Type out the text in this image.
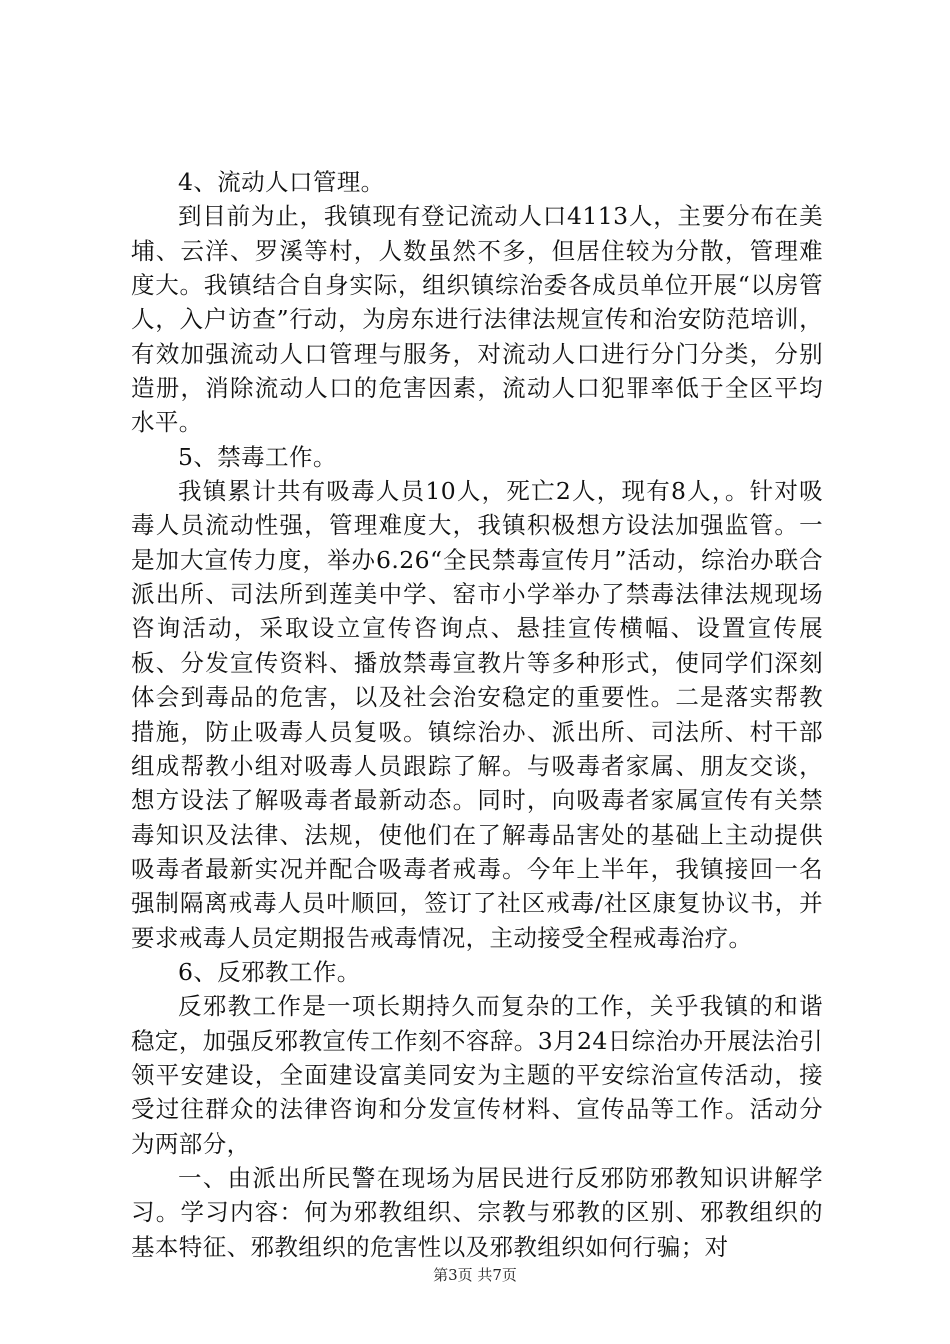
4、流动人口管理。

到目前为止，我镇现有登记流动人口4113人，主要分布在美埔、云洋、罗溪等村，人数虽然不多，但居住较为分散，管理难度大。我镇结合自身实际，组织镇综治委各成员单位开展“以房管人，入户访查”行动，为房东进行法律法规宣传和治安防范培训，有效加强流动人口管理与服务，对流动人口进行分门分类，分别造册，消除流动人口的危害因素，流动人口犯罪率低于全区平均水平。

5、禁毒工作。

我镇累计共有吸毒人员10人，死亡2人，现有8人，。针对吸毒人员流动性强，管理难度大，我镇积极想方设法加强监管。一是加大宣传力度，举办6.26“全民禁毒宣传月”活动，综治办联合派出所、司法所到莲美中学、窑市小学举办了禁毒法律法规现场咨询活动，采取设立宣传咨询点、悬挂宣传横幅、设置宣传展板、分发宣传资料、播放禁毒宣教片等多种形式，使同学们深刻体会到毒品的危害，以及社会治安稳定的重要性。二是落实帮教措施，防止吸毒人员复吸。镇综治办、派出所、司法所、村干部组成帮教小组对吸毒人员跟踪了解。与吸毒者家属、朋友交谈，想方设法了解吸毒者最新动态。同时，向吸毒者家属宣传有关禁毒知识及法律、法规，使他们在了解毒品害处的基础上主动提供吸毒者最新实况并配合吸毒者戒毒。今年上半年，我镇接回一名强制隔离戒毒人员叶顺回，签订了社区戒毒/社区康复协议书，并要求戒毒人员定期报告戒毒情况，主动接受全程戒毒治疗。

6、反邪教工作。

反邪教工作是一项长期持久而复杂的工作，关乎我镇的和谐稳定，加强反邪教宣传工作刻不容辞。3月24日综治办开展法治引领平安建设，全面建设富美同安为主题的平安综治宣传活动，接受过往群众的法律咨询和分发宣传材料、宣传品等工作。活动分为两部分，

一、由派出所民警在现场为居民进行反邪防邪教知识讲解学习。学习内容：何为邪教组织、宗教与邪教的区别、邪教组织的基本特征、邪教组织的危害性以及邪教组织如何行骗；对

第3页 共7页
